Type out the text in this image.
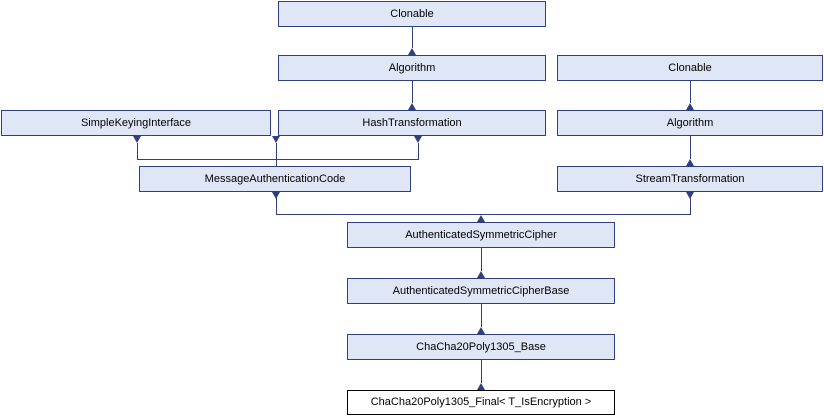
Clonable
Algorithm	Clonable
SimpleKeyingInterface	HashTransformation	Algorithm
MessageAuthenticationCode	StreamTransformation
AuthenticatedSymmetricCipher
AuthenticatedSymmetricCipherBase
ChaCha20Poly1305_Base
ChaCha20Poly1305_Final< T_IsEncryption >
